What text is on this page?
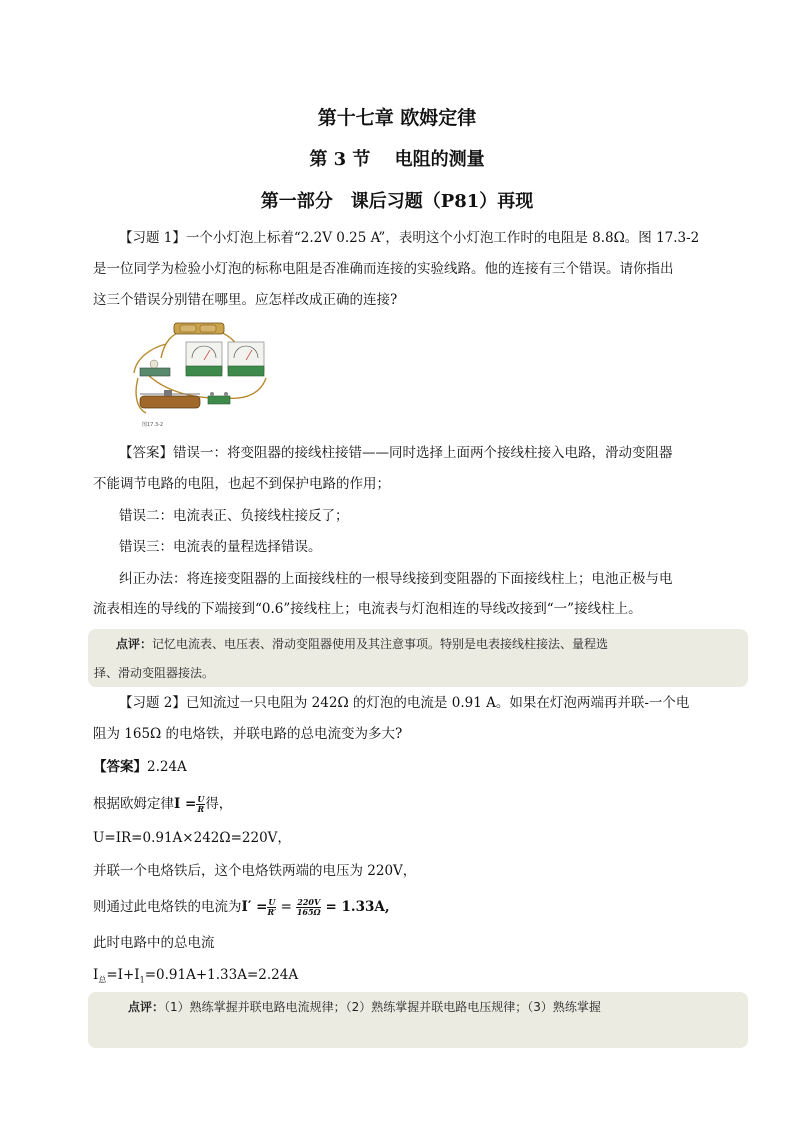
第十七章 欧姆定律
第 3 节　 电阻的测量
第一部分　课后习题（P81）再现
【习题 1】一个小灯泡上标着“2.2V 0.25 A”，表明这个小灯泡工作时的电阻是 8.8Ω。图 17.3-2
是一位同学为检验小灯泡的标称电阻是否准确而连接的实验线路。他的连接有三个错误。请你指出
这三个错误分别错在哪里。应怎样改成正确的连接?
图17.3-2
【答案】错误一：将变阻器的接线柱接错——同时选择上面两个接线柱接入电路，滑动变阻器
不能调节电路的电阻，也起不到保护电路的作用；
错误二：电流表正、负接线柱接反了；
错误三：电流表的量程选择错误。
纠正办法：将连接变阻器的上面接线柱的一根导线接到变阻器的下面接线柱上；电池正极与电
流表相连的导线的下端接到“0.6”接线柱上；电流表与灯泡相连的导线改接到“一”接线柱上。
点评：记忆电流表、电压表、滑动变阻器使用及其注意事项。特别是电表接线柱接法、量程选
择、滑动变阻器接法。
【习题 2】已知流过一只电阻为 242Ω 的灯泡的电流是 0.91 A。如果在灯泡两端再并联-一个电
阻为 165Ω 的电烙铁，并联电路的总电流变为多大?
【答案】2.24A
根据欧姆定律$I = \frac{U}{R}$ 得，
U=IR=0.91A×242Ω=220V，
并联一个电烙铁后，这个电烙铁两端的电压为 220V，
则通过此电烙铁的电流为$I' = \frac{U}{R'} = \frac{220V}{165\Omega} = 1.33A$,
此时电路中的总电流
$I_总=I+I_1=0.91A+1.33A=2.24A$
点评：（1）熟练掌握并联电路电流规律；（2）熟练掌握并联电路电压规律；（3）熟练掌握
